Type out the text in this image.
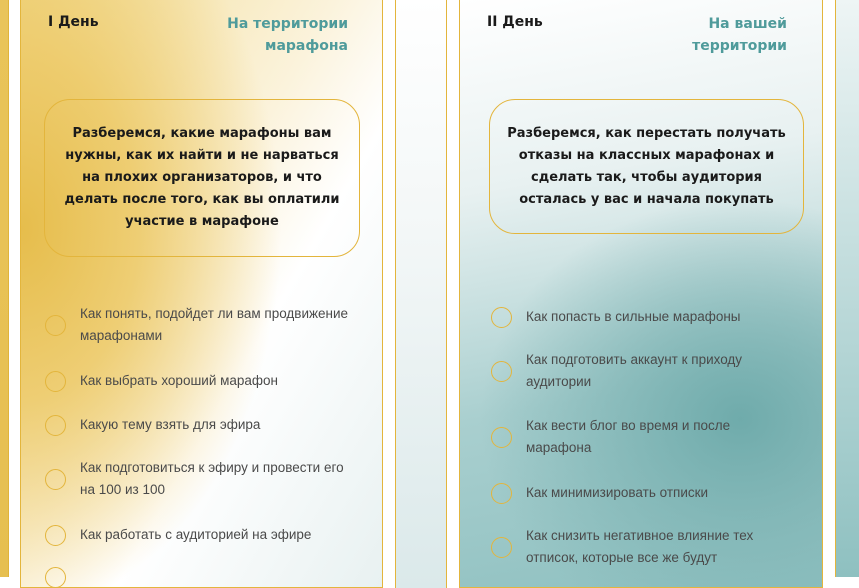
I День	На территории
марафона
Разберемся, какие марафоны вам нужны, как их найти и не нарваться на плохих организаторов, и что делать после того, как вы оплатили участие в марафоне
Как понять, подойдет ли вам продвижение марафонами
Как выбрать хороший марафон
Какую тему взять для эфира
Как подготовиться к эфиру и провести его на 100 из 100
Как работать с аудиторией на эфире
II День	На вашей
территории
Разберемся, как перестать получать отказы на классных марафонах и сделать так, чтобы аудитория осталась у вас и начала покупать
Как попасть в сильные марафоны
Как подготовить аккаунт к приходу аудитории
Как вести блог во время и после марафона
Как минимизировать отписки
Как снизить негативное влияние тех отписок, которые все же будут
